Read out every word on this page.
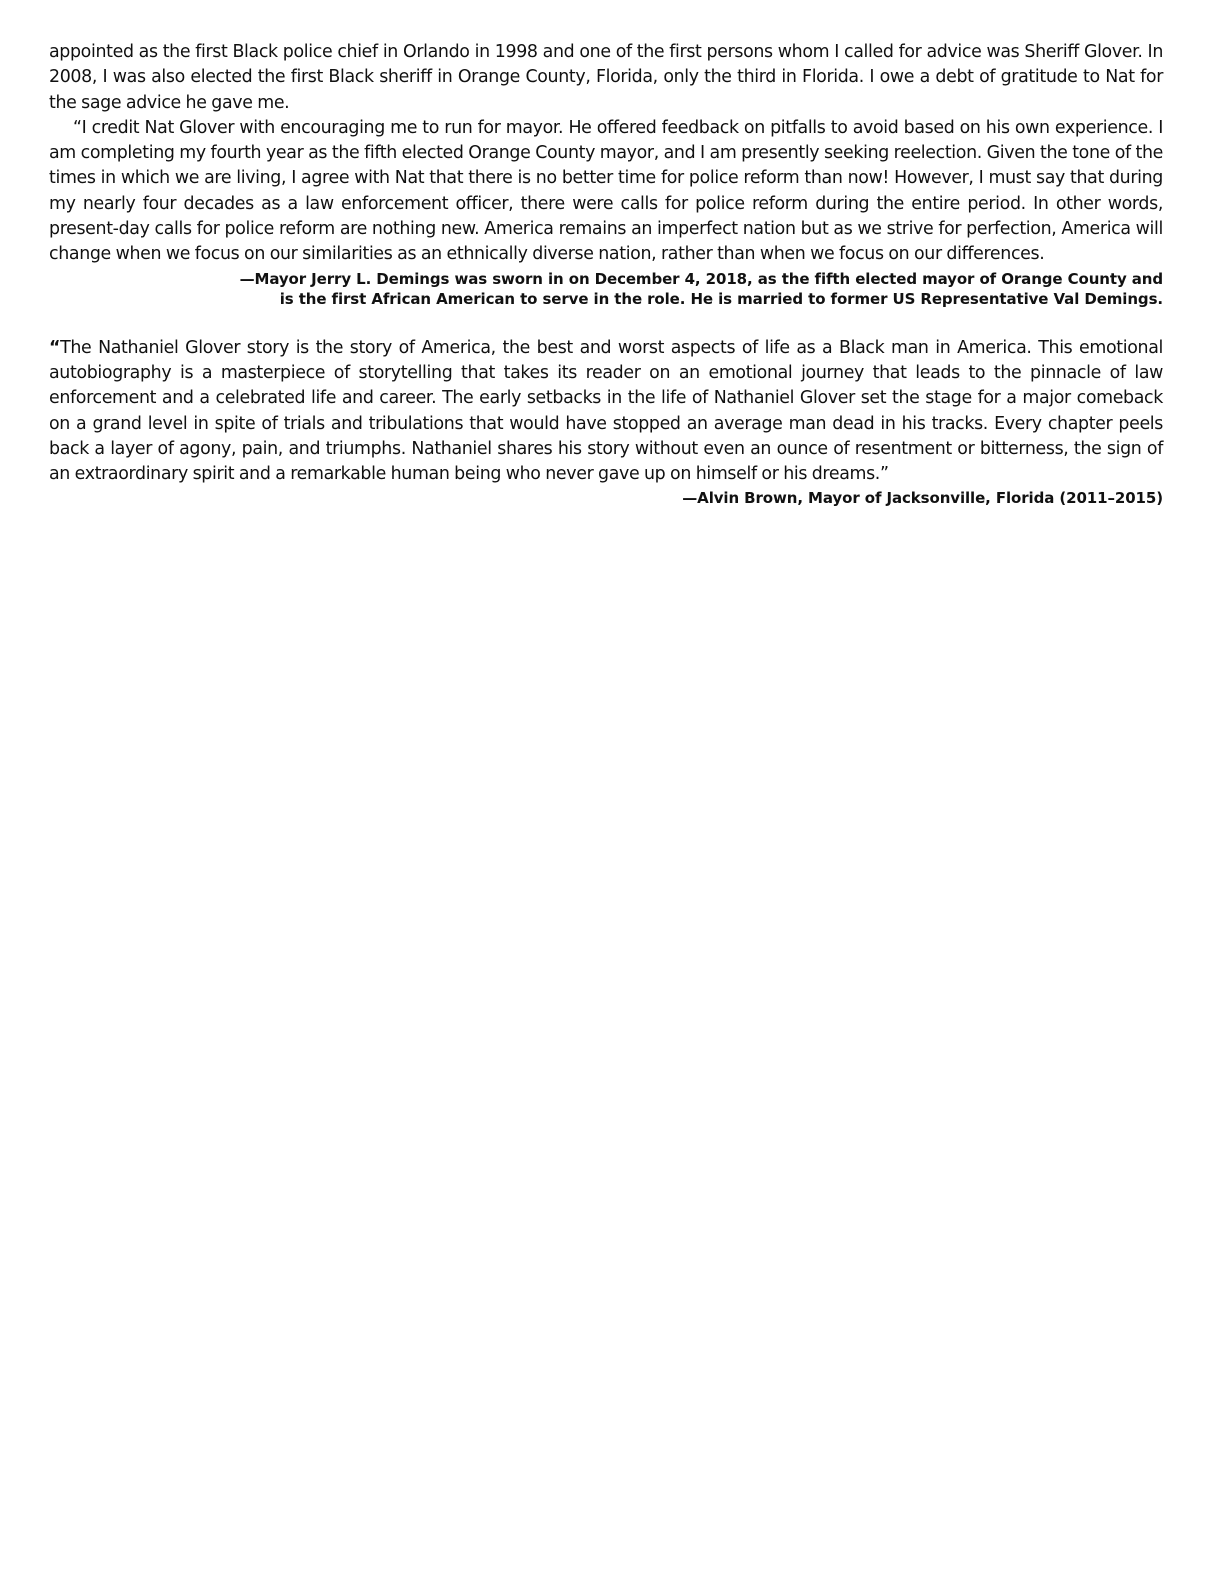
appointed as the first Black police chief in Orlando in 1998 and one of the first persons whom I called for advice was Sheriff Glover. In 2008, I was also elected the first Black sheriff in Orange County, Florida, only the third in Florida. I owe a debt of gratitude to Nat for the sage advice he gave me.

“I credit Nat Glover with encouraging me to run for mayor. He offered feedback on pitfalls to avoid based on his own experience. I am completing my fourth year as the fifth elected Orange County mayor, and I am presently seeking reelection. Given the tone of the times in which we are living, I agree with Nat that there is no better time for police reform than now! However, I must say that during my nearly four decades as a law enforcement officer, there were calls for police reform during the entire period. In other words, present-day calls for police reform are nothing new. America remains an imperfect nation but as we strive for perfection, America will change when we focus on our similarities as an ethnically diverse nation, rather than when we focus on our differences.

—Mayor Jerry L. Demings was sworn in on December 4, 2018, as the fifth elected mayor of Orange County and is the first African American to serve in the role. He is married to former US Representative Val Demings.

“The Nathaniel Glover story is the story of America, the best and worst aspects of life as a Black man in America. This emotional autobiography is a masterpiece of storytelling that takes its reader on an emotional journey that leads to the pinnacle of law enforcement and a celebrated life and career. The early setbacks in the life of Nathaniel Glover set the stage for a major comeback on a grand level in spite of trials and tribulations that would have stopped an average man dead in his tracks. Every chapter peels back a layer of agony, pain, and triumphs. Nathaniel shares his story without even an ounce of resentment or bitterness, the sign of an extraordinary spirit and a remarkable human being who never gave up on himself or his dreams.”

—Alvin Brown, Mayor of Jacksonville, Florida (2011–2015)
